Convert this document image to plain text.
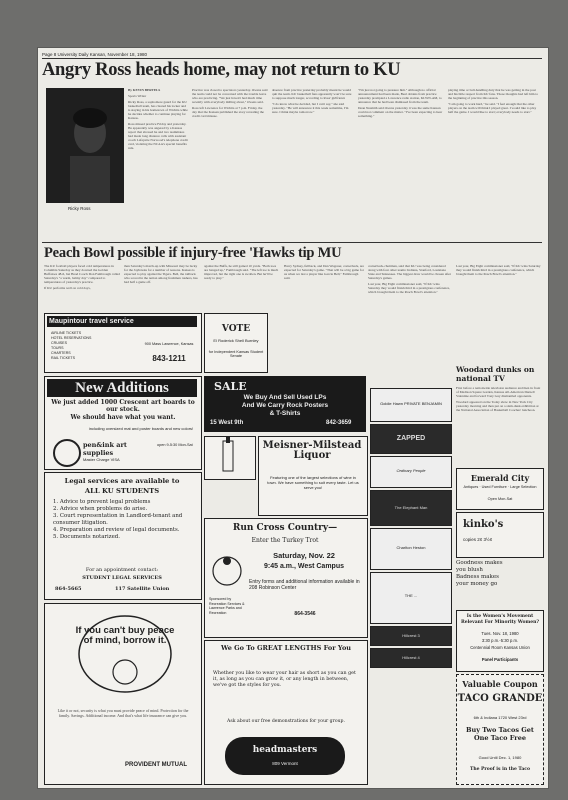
Page 8 University Daily Kansan, November 18, 1980
Angry Ross heads home, may not return to KU
Ricky Ross

By KEVIN BERTELS

Sports Writer

Ricky Ross, a sophomore guard for the KU basketball team, has cleared his locker and is staying in his hometown of Wichita while he decides whether to continue playing for Kansas.

Ross missed practice Friday and yesterday. He apparently was angered by a Kansas report that showed he and two teammates had made long distance calls with assistant coach Lafayette Norwood's telephone credit card, violating the NCAA's special benefits rule.

Practice was closed to spectators yesterday. Owens said the team could not be concerned with the trouble leave who are practicing. "We just haven't had much time recently with everybody milling about," Owens said.

Ross left Lawrence for Wichita at 7 p.m. Friday, the day that the Kansan published the story revealing the credit card misuse.

absence from practice yesterday probably meant he would quit the team. KU basketball fans apparently won't be sure to suppose much longer, according to Ross' girlfriend.

"I do know what he decided, but I can't say," she said yesterday. "He will announce it this week sometime, I'm sure. I think maybe tomorrow."

"I'm just not going to pressure him." Although no official announcement had been made, Beal obtains from practice yesterday prompted a Lawrence radio station, KLWN-AM, to announce that he had been dismissed from the team.

Dean Nesmith said Owens yesterday it was the same Kansan could not comment on the matter. "I've been expecting to hear something."

playing time or ball-handling duty that he was getting in the post and his little respect from KU fans. Those thoughts had left him to the beginning of practice this season.

"I am going to work hard," he said. "I feel enough that the other players on the team will think I played great. I would like to play half the game. I would like to start; everybody needs to start."

Peach Bowl possible if injury-free 'Hawks tip MU

The KU football players faced cold temperatures in Columbia Saturday as they downed the Golden Buffaloes 48-6, but Head Coach Don Fambrough called Saturday's "a warm, balmy day" compared to temperatures of yesterday's practice.

If KU performs well on cold days,

then Saturday's match-up with Missouri may be lucky for the Jayhawks for a number of reasons. Kansas is expected to play against the Tigers. Bell, the tailback who scored in the nation among freshmen rushers, has had half a game off.

against the Buffs, he still gained 10 yards. "Both toes are banged up," Fambrough said. "The left toe is much improved, but the right one is swollen. But he'll be ready to play."

Harry Sydney, fullback, and Dan Wagoner, cornerback, are expected for Saturday's game. "That will be a big game for us when we last a player like Garcia Bell," Fambrough said.

cornerback-chairman, said that KU was being considered along with four other teams: Indiana, Stanford, Louisiana State and Tennessee. The biggest draw would be chosen after Saturday's games.

Last year, Big Eight commissioner said, "If KU wins Saturday they would finish third in a prestigious conference, which brought them to the Peach Bowl's attention."

Last year, Big Eight commissioner said, "If KU wins Saturday they would finish third in a prestigious conference, which brought them to the Peach Bowl's attention."

Maupintour travel service
AIRLINE TICKETS
HOTEL RESERVATIONS
CRUISES
TOURS
CHARTERS
RAIL TICKETS
900 Mass Lawrence, Kansas
843-1211
New Additions
We just added 1000 Crescent art boards to our stock.
We should have what you want.
including oversized mat and poster boards and new colors!
pen&ink art supplies
open 9-5:30 Mon-Sat
Master Charge VISA
Legal services are available to
ALL KU STUDENTS
1. Advice to prevent legal problems
2. Advice when problems do arise.
3. Court representation in Landlord-tenant and consumer litigation.
4. Preparation and review of legal documents.
5. Documents notarized.
For an appointment contact:
STUDENT LEGAL SERVICES
864-5665	117 Satellite Union
If you can't buy peace of mind, borrow it.
Like it or not, security is what you must provide peace of mind. Protection for the family. Savings. Additional income. And that's what life insurance can give you.
PROVIDENT MUTUAL
VOTE
El Roderick Shell Burnley
for Independent Kansas Student Senate
SALE
We Buy And Sell Used LPs
And We Carry Rock Posters
& T-Shirts
15 West 9th	842-3659
Meisner-Milstead Liquor
Featuring one of the largest selections of wine in town. We have something to suit every taste. Let us serve you!
Run Cross Country—
Enter the Turkey Trot
Saturday, Nov. 22
9:45 a.m., West Campus
Entry forms and additional information available in 208 Robinson Center
864-3546
Sponsored by Recreation Services & Lawrence Parks and Recreation
We Go To GREAT LENGTHS For You
Whether you like to wear your hair as short as you can get it, as long as you can grow it, or any length in between, we've got the styles for you.
Ask about our free demonstrations for your group.
headmasters
809 Vermont
Goldie Hawn PRIVATE BENJAMIN
ZAPPED
Ordinary People
The Elephant Man
Charlton Heston
THE ...
Hillcrest 3
Hillcrest 4
Woodard dunks on national TV

First before a nationwide television audience and then in front of Madison Square Garden, Kansas All-American Darnell Valentine and forward Tony Guy dismantled opponents.

Woodard appeared on the Today show in New York City yesterday morning and then put on a slam-dunk exhibition at the National Association of Basketball Coaches' luncheon.

Emerald City
Antiques · Used Furniture · Large Selection
Open Mon-Sat
kinko's
copies 2¢ 3½¢
Goodness makes
you blush
Badness makes
your money go
Is the Women's Movement Relevant For Minority Women?
Tues. Nov. 18, 1980
3:30 p.m.-5:30 p.m.
Centennial Room Kansas Union
Panel Participants
Valuable Coupon
TACO GRANDE
6th & Indiana 1720 West 23rd
Buy Two Tacos Get One Taco Free
Good Until Dec. 1, 1980
The Proof is in the Taco
